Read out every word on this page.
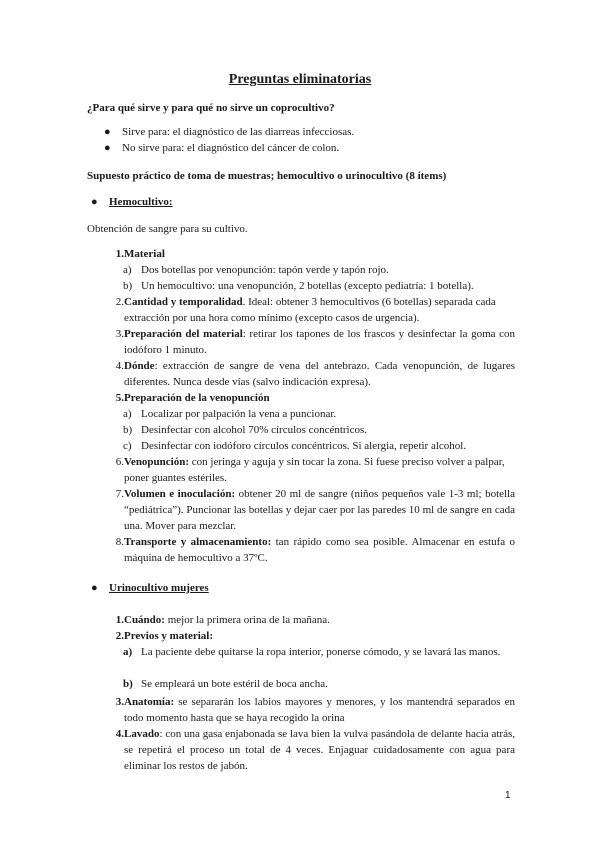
Preguntas eliminatorias
¿Para qué sirve y para qué no sirve un coprocultivo?
● Sirve para: el diagnóstico de las diarreas infecciosas.
● No sirve para: el diagnóstico del cáncer de colon.
Supuesto práctico de toma de muestras; hemocultivo o urinocultivo (8 ítems)
● Hemocultivo:
Obtención de sangre para su cultivo.
1. Material
a) Dos botellas por venopunción: tapón verde y tapón rojo.
b) Un hemocultivo: una venopunción, 2 botellas (excepto pediatría: 1 botella).
2. Cantidad y temporalidad. Ideal: obtener 3 hemocultivos (6 botellas) separada cada extracción por una hora como mínimo (excepto casos de urgencia).
3. Preparación del material: retirar los tapones de los frascos y desinfectar la goma con iodóforo 1 minuto.
4. Dónde: extracción de sangre de vena del antebrazo. Cada venopunción, de lugares diferentes. Nunca desde vías (salvo indicación expresa).
5. Preparación de la venopunción
a) Localizar por palpación la vena a puncionar.
b) Desinfectar con alcohol 70% círculos concéntricos.
c) Desinfectar con iodóforo círculos concéntricos. Si alergia, repetir alcohol.
6. Venopunción: con jeringa y aguja y sin tocar la zona. Si fuese preciso volver a palpar, poner guantes estériles.
7. Volumen e inoculación: obtener 20 ml de sangre (niños pequeños vale 1-3 ml; botella “pediátrica”). Puncionar las botellas y dejar caer por las paredes 10 ml de sangre en cada una. Mover para mezclar.
8. Transporte y almacenamiento: tan rápido como sea posible. Almacenar en estufa o máquina de hemocultivo a 37ºC.
● Urinocultivo mujeres
1. Cuándo: mejor la primera orina de la mañana.
2. Previos y material:
a) La paciente debe quitarse la ropa interior, ponerse cómodo, y se lavará las manos.
b) Se empleará un bote estéril de boca ancha.
3. Anatomía: se separarán los labios mayores y menores, y los mantendrá separados en todo momento hasta que se haya recogido la orina
4. Lavado: con una gasa enjabonada se lava bien la vulva pasándola de delante hacia atrás, se repetirá el proceso un total de 4 veces. Enjaguar cuidadosamente con agua para eliminar los restos de jabón.
1
